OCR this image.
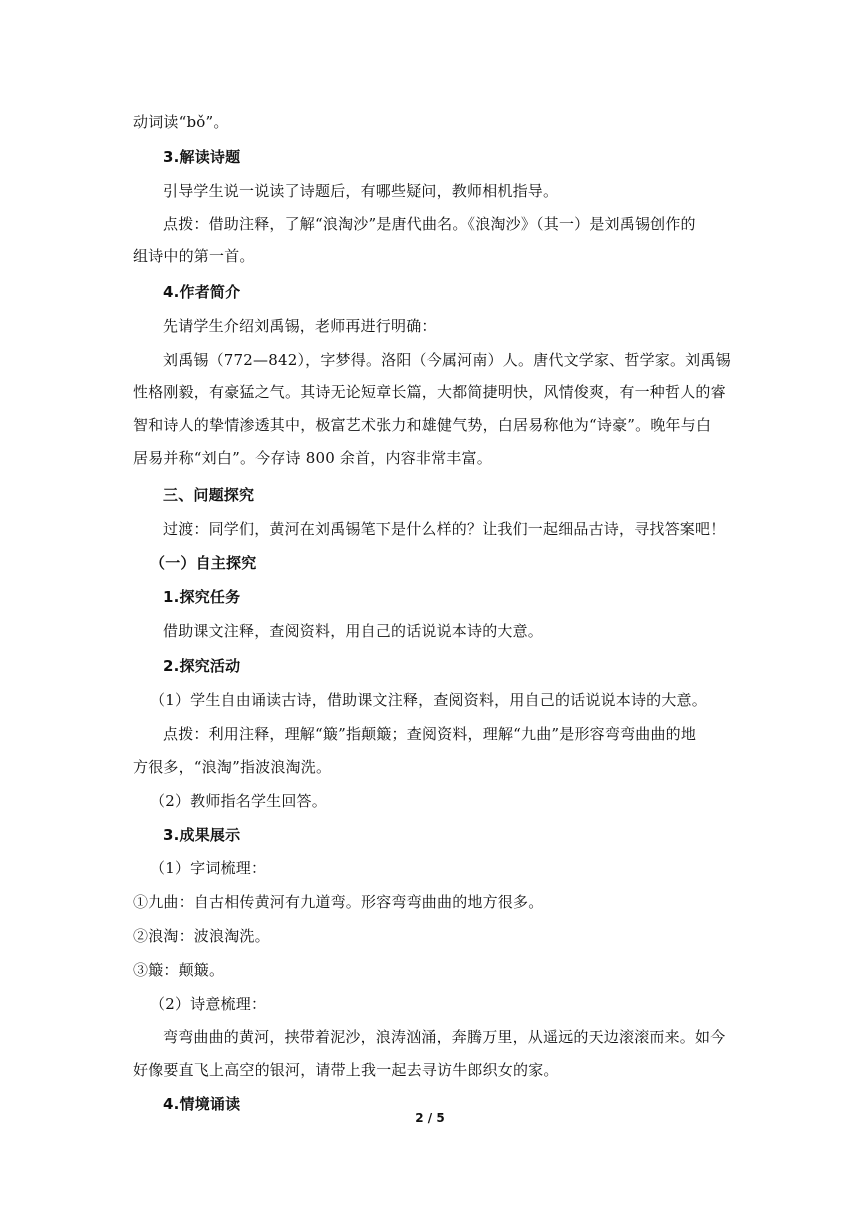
动词读“bǒ”。
3.解读诗题
引导学生说一说读了诗题后，有哪些疑问，教师相机指导。
点拨：借助注释，了解“浪淘沙”是唐代曲名。《浪淘沙》（其一）是刘禹锡创作的
组诗中的第一首。
4.作者简介
先请学生介绍刘禹锡，老师再进行明确：
刘禹锡（772—842），字梦得。洛阳（今属河南）人。唐代文学家、哲学家。刘禹锡
性格刚毅，有豪猛之气。其诗无论短章长篇，大都简捷明快，风情俊爽，有一种哲人的睿
智和诗人的挚情渗透其中，极富艺术张力和雄健气势，白居易称他为“诗豪”。晚年与白
居易并称“刘白”。今存诗 800 余首，内容非常丰富。
三、问题探究
过渡：同学们，黄河在刘禹锡笔下是什么样的？让我们一起细品古诗，寻找答案吧！
（一）自主探究
1.探究任务
借助课文注释，查阅资料，用自己的话说说本诗的大意。
2.探究活动
（1）学生自由诵读古诗，借助课文注释，查阅资料，用自己的话说说本诗的大意。
点拨：利用注释，理解“簸”指颠簸；查阅资料，理解“九曲”是形容弯弯曲曲的地
方很多，“浪淘”指波浪淘洗。
（2）教师指名学生回答。
3.成果展示
（1）字词梳理：
①九曲：自古相传黄河有九道弯。形容弯弯曲曲的地方很多。
②浪淘：波浪淘洗。
③簸：颠簸。
（2）诗意梳理：
弯弯曲曲的黄河，挟带着泥沙，浪涛汹涌，奔腾万里，从遥远的天边滚滚而来。如今
好像要直飞上高空的银河，请带上我一起去寻访牛郎织女的家。
4.情境诵读
2 / 5
